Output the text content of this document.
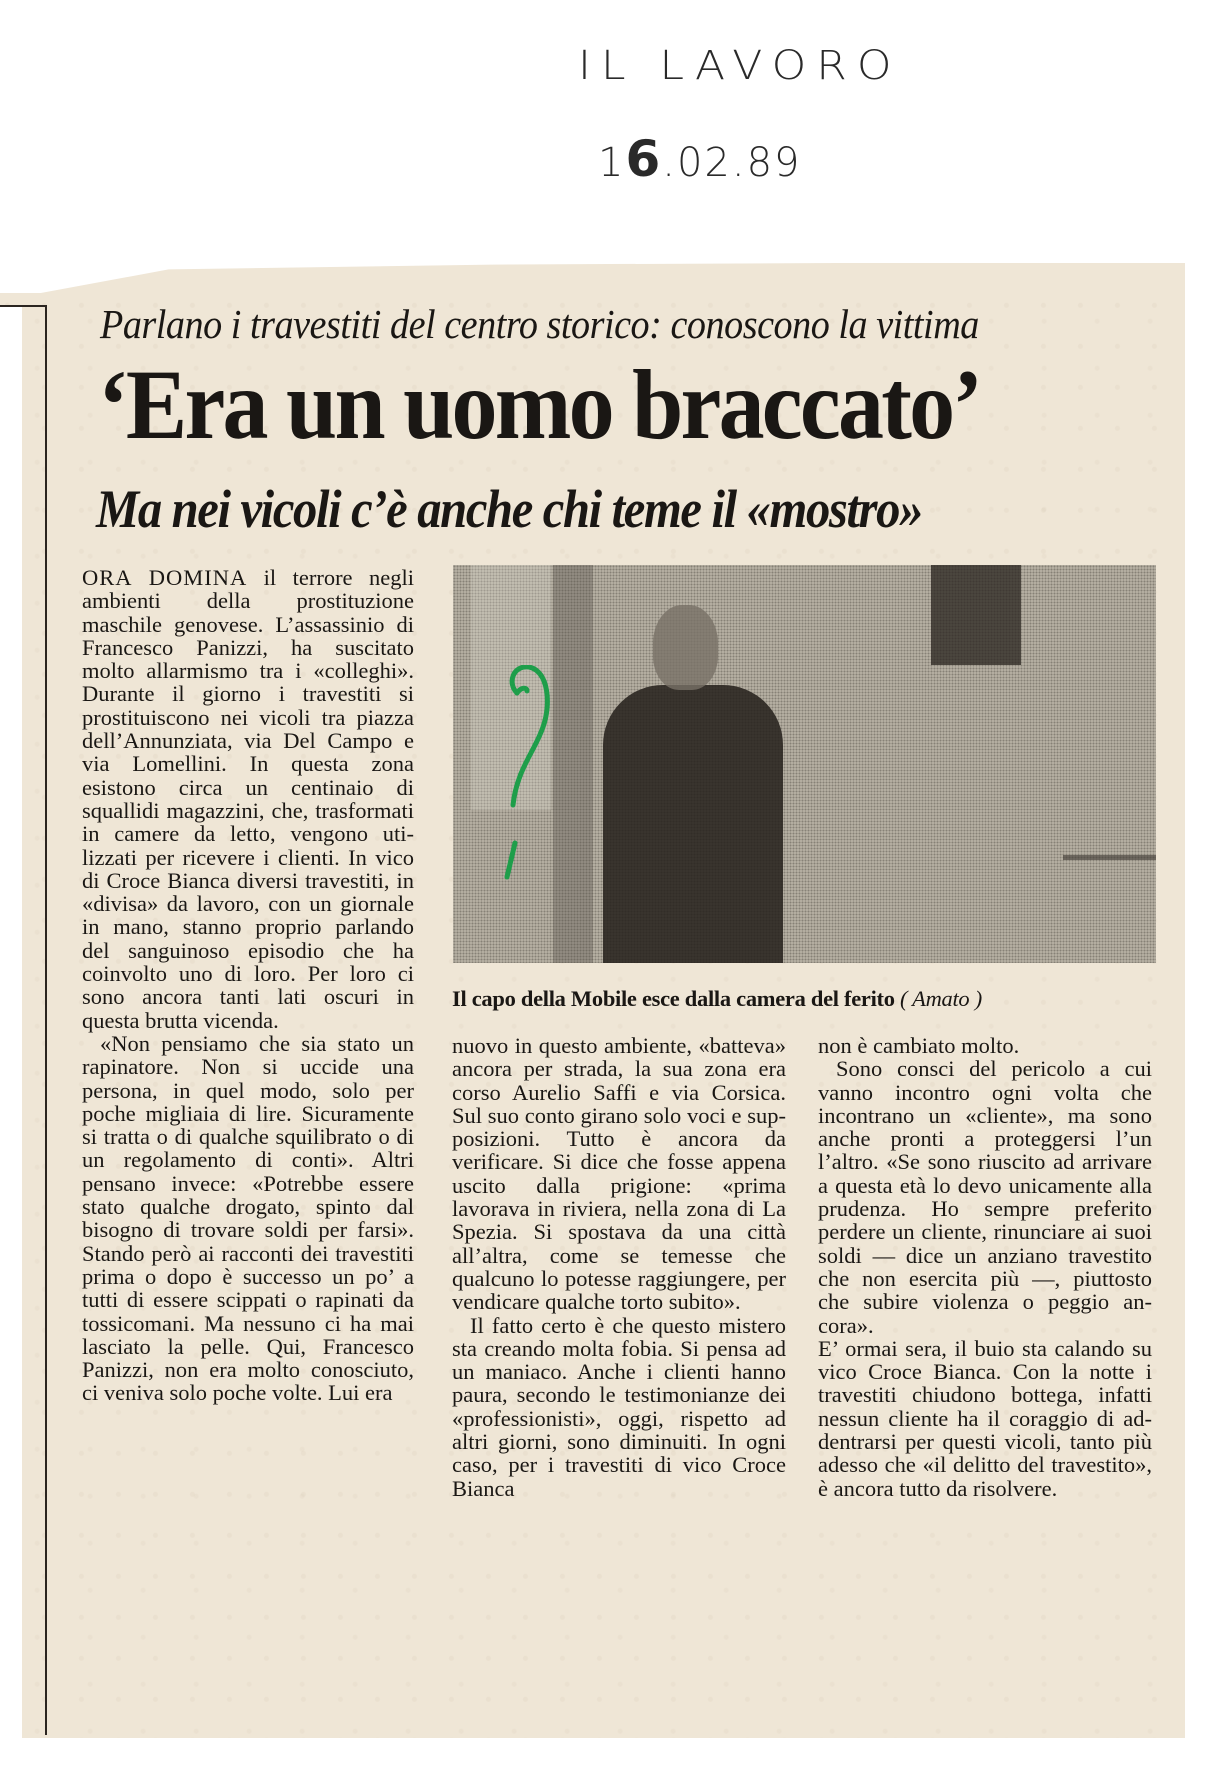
IL LAVORO
16.02.89
Parlano i travestiti del centro storico: conoscono la vittima
‘Era un uomo braccato’
Ma nei vicoli c’è anche chi teme il «mostro»

ORA DOMINA il terrore negli ambienti della prostituzione maschile genovese. L’assassinio di Francesco Panizzi, ha suscitato molto allarmismo tra i «colleghi». Durante il giorno i travestiti si prostituiscono nei vicoli tra piazza dell’Annunziata, via Del Campo e via Lomellini. In questa zona esistono circa un centinaio di squallidi magazzini, che, trasformati in camere da letto, vengono utilizzati per ricevere i clienti. In vico di Croce Bianca diversi travestiti, in «divisa» da lavoro, con un giornale in mano, stanno proprio parlando del sanguinoso episodio che ha coinvolto uno di loro. Per loro ci sono ancora tanti lati oscuri in questa brutta vicenda.

«Non pensiamo che sia stato un rapinatore. Non si uccide una persona, in quel modo, solo per poche migliaia di lire. Sicuramente si tratta o di qualche squilibrato o di un regolamento di conti». Altri pensano invece: «Potrebbe essere stato qualche drogato, spinto dal bisogno di trovare soldi per farsi». Stando però ai racconti dei travestiti prima o dopo è successo un po’ a tutti di essere scippati o rapinati da tossicomani. Ma nessuno ci ha mai lasciato la pelle. Qui, Francesco Panizzi, non era molto conosciuto, ci veniva solo poche volte. Lui era

Il capo della Mobile esce dalla camera del ferito ( Amato )

nuovo in questo ambiente, «batteva» ancora per strada, la sua zona era corso Aurelio Saffi e via Corsica. Sul suo conto girano solo voci e supposizioni. Tutto è ancora da verificare. Si dice che fosse appena uscito dalla prigione: «prima lavorava in riviera, nella zona di La Spezia. Si spostava da una città all’altra, come se temesse che qualcuno lo potesse raggiungere, per vendicare qualche torto subito».

Il fatto certo è che questo mistero sta creando molta fobia. Si pensa ad un maniaco. Anche i clienti hanno paura, secondo le testimonianze dei «professionisti», oggi, rispetto ad altri giorni, sono diminuiti. In ogni caso, per i travestiti di vico Croce Bianca

non è cambiato molto.

Sono consci del pericolo a cui vanno incontro ogni volta che incontrano un «cliente», ma sono anche pronti a proteggersi l’un l’altro. «Se sono riuscito ad arrivare a questa età lo devo unicamente alla prudenza. Ho sempre preferito perdere un cliente, rinunciare ai suoi soldi — dice un anziano travestito che non esercita più —, piuttosto che subire violenza o peggio ancora».

E’ ormai sera, il buio sta calando su vico Croce Bianca. Con la notte i travestiti chiudono bottega, infatti nessun cliente ha il coraggio di addentrarsi per questi vicoli, tanto più adesso che «il delitto del travestito», è ancora tutto da risolvere.
